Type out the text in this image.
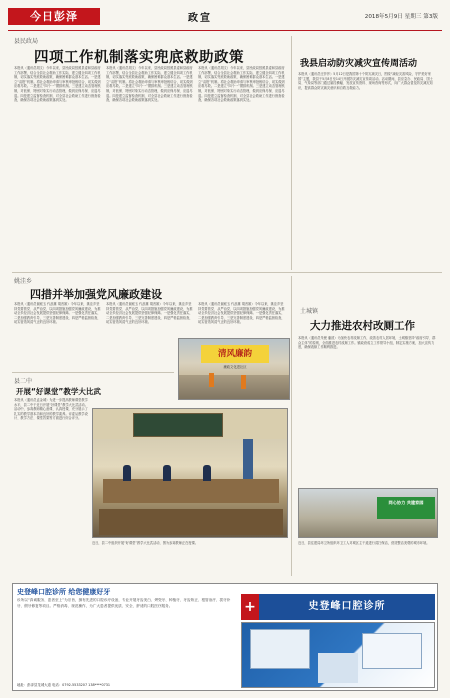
今日彭泽	政宣	2018年5月9日 星期三 第3版
县民政局
四项工作机制落实兜底救助政策
本报讯（通讯员胡文）今年以来，县民政局按照县委和县政府工作部署，结合全县社会救助工作实际，建立健全四项工作机制，切实落实兜底救助政策，确保困难群众基本生活。一是建立“双报”机制。将社会救助申请与审核审批相结合，切实做到应救尽救。二是建立“四个一”摸排机制。三是建立动态管理机制，对低保、特困对象实行动态管理，做到应保尽保、应退尽退。四是建立监督检查机制，对全县社会救助工作进行督查检查，确保各项社会救助政策落到实处。
本报讯（通讯员胡文）今年以来，县民政局按照县委和县政府工作部署，结合全县社会救助工作实际，建立健全四项工作机制，切实落实兜底救助政策，确保困难群众基本生活。一是建立“双报”机制。将社会救助申请与审核审批相结合，切实做到应救尽救。二是建立“四个一”摸排机制。三是建立动态管理机制，对低保、特困对象实行动态管理，做到应保尽保、应退尽退。四是建立监督检查机制，对全县社会救助工作进行督查检查，确保各项社会救助政策落到实处。
本报讯（通讯员胡文）今年以来，县民政局按照县委和县政府工作部署，结合全县社会救助工作实际，建立健全四项工作机制，切实落实兜底救助政策，确保困难群众基本生活。一是建立“双报”机制。将社会救助申请与审核审批相结合，切实做到应救尽救。二是建立“四个一”摸排机制。三是建立动态管理机制，对低保、特困对象实行动态管理，做到应保尽保、应退尽退。四是建立监督检查机制，对全县社会救助工作进行督查检查，确保各项社会救助政策落到实处。
我县启动防灾减灾宣传周活动
本报讯（通讯员汪莎莎）5月12日是我国第十个防灾减灾日，围绕“减轻灾害风险，守护美好家园”主题，我县于5月8日至14日开展防灾减灾宣传周活动。活动期间，县应急办、民政局、国土局、气象局等部门通过悬挂横幅、发放宣传资料、现场咨询等形式，向广大群众普及防灾减灾知识，提高群众防灾减灾意识和自救互救能力。
姚洼乡
四措并举加强党风廉政建设
本报讯（通讯员谢庭玉 代浪雄 胡晋雄）今年以来，姚洼乡坚持党要管党、从严治党，以四项措施加强党风廉政建设，为推动全乡经济社会发展提供坚强纪律保障。一是强化责任落实，二是加强教育引导，三是完善制度建设，四是严格监督检查，切实营造风清气正的良好环境。
本报讯（通讯员谢庭玉 代浪雄 胡晋雄）今年以来，姚洼乡坚持党要管党、从严治党，以四项措施加强党风廉政建设，为推动全乡经济社会发展提供坚强纪律保障。一是强化责任落实，二是加强教育引导，三是完善制度建设，四是严格监督检查，切实营造风清气正的良好环境。
本报讯（通讯员谢庭玉 代浪雄 胡晋雄）今年以来，姚洼乡坚持党要管党、从严治党，以四项措施加强党风廉政建设，为推动全乡经济社会发展提供坚强纪律保障。一是强化责任落实，二是加强教育引导，三是完善制度建设，四是严格监督检查，切实营造风清气正的良好环境。
清风廉韵
廉政文化进社区
县二中
开展“好课堂”教学大比武
本报讯（通讯员孟金城）为进一步提高教师课堂教学水平，县二中于近日开展“好课堂”教学大比武活动。活动中，参赛教师精心备课、认真授课，充分展示了扎实的教学基本功和良好的教学素养。评委从教学设计、教学方法、课堂效果等方面进行综合评分。
近日，县二中组织开展“好课堂”教学大比武活动，图为参赛教师正在授课。
土城镇
大力推进农村改厕工作
本报讯（通讯员朱俊 潘波）为加快农村改厕工作，改善农村人居环境，土城镇坚持“政府引导、群众主体”的原则，全面推进农村改厕工作。镇政府成立工作领导小组，制定实施方案，加大宣传力度，确保改厕工作顺利推进。
同心协力 共建家园
近日，县住建局环卫所组织环卫工人对城区主干道进行清扫保洁，营造整洁美观的城市环境。
史登峰口腔诊所 给您健康好牙
诊所以“真诚服务、患者至上”为宗旨，拥有先进的口腔诊疗设备，专业开展牙齿美白、烤瓷牙、种植牙、牙齿矫正、根管治疗、拔牙补牙、假牙修复等项目。严格消毒、规范操作，为广大患者提供优质、安全、舒适的口腔医疗服务。
地址：彭泽县龙城大道 电话：0792-5533207 138****0731
+	史登峰口腔诊所
